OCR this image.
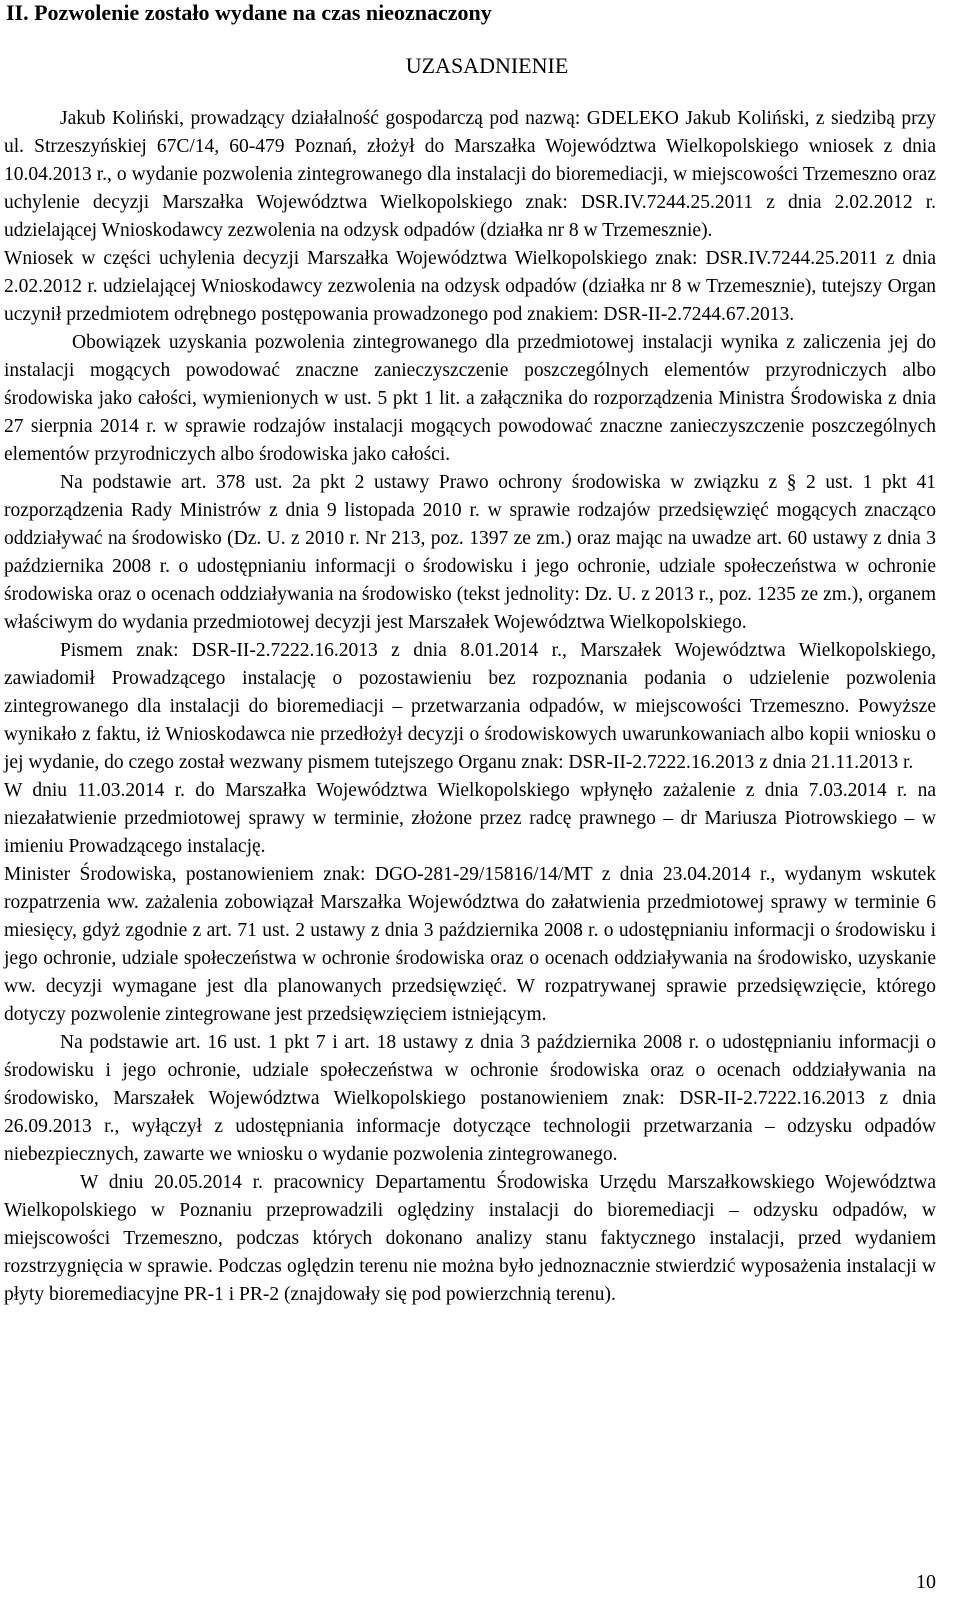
II. Pozwolenie zostało wydane na czas nieoznaczony
UZASADNIENIE

Jakub Koliński, prowadzący działalność gospodarczą pod nazwą: GDELEKO Jakub Koliński, z siedzibą przy ul. Strzeszyńskiej 67C/14, 60-479 Poznań, złożył do Marszałka Województwa Wielkopolskiego wniosek z dnia 10.04.2013 r., o wydanie pozwolenia zintegrowanego dla instalacji do bioremediacji, w miejscowości Trzemeszno oraz uchylenie decyzji Marszałka Województwa Wielkopolskiego znak: DSR.IV.7244.25.2011 z dnia 2.02.2012 r. udzielającej Wnioskodawcy zezwolenia na odzysk odpadów (działka nr 8 w Trzemesznie).

Wniosek w części uchylenia decyzji Marszałka Województwa Wielkopolskiego znak: DSR.IV.7244.25.2011 z dnia 2.02.2012 r. udzielającej Wnioskodawcy zezwolenia na odzysk odpadów (działka nr 8 w Trzemesznie), tutejszy Organ uczynił przedmiotem odrębnego postępowania prowadzonego pod znakiem: DSR-II-2.7244.67.2013.

Obowiązek uzyskania pozwolenia zintegrowanego dla przedmiotowej instalacji wynika z zaliczenia jej do instalacji mogących powodować znaczne zanieczyszczenie poszczególnych elementów przyrodniczych albo środowiska jako całości, wymienionych w ust. 5 pkt 1 lit. a załącznika do rozporządzenia Ministra Środowiska z dnia 27 sierpnia 2014 r. w sprawie rodzajów instalacji mogących powodować znaczne zanieczyszczenie poszczególnych elementów przyrodniczych albo środowiska jako całości.

Na podstawie art. 378 ust. 2a pkt 2 ustawy Prawo ochrony środowiska w związku z § 2 ust. 1 pkt 41 rozporządzenia Rady Ministrów z dnia 9 listopada 2010 r. w sprawie rodzajów przedsięwzięć mogących znacząco oddziaływać na środowisko (Dz. U. z 2010 r. Nr 213, poz. 1397 ze zm.) oraz mając na uwadze art. 60 ustawy z dnia 3 października 2008 r. o udostępnianiu informacji o środowisku i jego ochronie, udziale społeczeństwa w ochronie środowiska oraz o ocenach oddziaływania na środowisko (tekst jednolity: Dz. U. z 2013 r., poz. 1235 ze zm.), organem właściwym do wydania przedmiotowej decyzji jest Marszałek Województwa Wielkopolskiego.

Pismem znak: DSR-II-2.7222.16.2013 z dnia 8.01.2014 r., Marszałek Województwa Wielkopolskiego, zawiadomił Prowadzącego instalację o pozostawieniu bez rozpoznania podania o udzielenie pozwolenia zintegrowanego dla instalacji do bioremediacji – przetwarzania odpadów, w miejscowości Trzemeszno. Powyższe wynikało z faktu, iż Wnioskodawca nie przedłożył decyzji o środowiskowych uwarunkowaniach albo kopii wniosku o jej wydanie, do czego został wezwany pismem tutejszego Organu znak: DSR-II-2.7222.16.2013 z dnia 21.11.2013 r.

W dniu 11.03.2014 r. do Marszałka Województwa Wielkopolskiego wpłynęło zażalenie z dnia 7.03.2014 r. na niezałatwienie przedmiotowej sprawy w terminie, złożone przez radcę prawnego – dr Mariusza Piotrowskiego – w imieniu Prowadzącego instalację.

Minister Środowiska, postanowieniem znak: DGO-281-29/15816/14/MT z dnia 23.04.2014 r., wydanym wskutek rozpatrzenia ww. zażalenia zobowiązał Marszałka Województwa do załatwienia przedmiotowej sprawy w terminie 6 miesięcy, gdyż zgodnie z art. 71 ust. 2 ustawy z dnia 3 października 2008 r. o udostępnianiu informacji o środowisku i jego ochronie, udziale społeczeństwa w ochronie środowiska oraz o ocenach oddziaływania na środowisko, uzyskanie ww. decyzji wymagane jest dla planowanych przedsięwzięć. W rozpatrywanej sprawie przedsięwzięcie, którego dotyczy pozwolenie zintegrowane jest przedsięwzięciem istniejącym.

Na podstawie art. 16 ust. 1 pkt 7 i art. 18 ustawy z dnia 3 października 2008 r. o udostępnianiu informacji o środowisku i jego ochronie, udziale społeczeństwa w ochronie środowiska oraz o ocenach oddziaływania na środowisko, Marszałek Województwa Wielkopolskiego postanowieniem znak: DSR-II-2.7222.16.2013 z dnia 26.09.2013 r., wyłączył z udostępniania informacje dotyczące technologii przetwarzania – odzysku odpadów niebezpiecznych, zawarte we wniosku o wydanie pozwolenia zintegrowanego.

W dniu 20.05.2014 r. pracownicy Departamentu Środowiska Urzędu Marszałkowskiego Województwa Wielkopolskiego w Poznaniu przeprowadzili oględziny instalacji do bioremediacji – odzysku odpadów, w miejscowości Trzemeszno, podczas których dokonano analizy stanu faktycznego instalacji, przed wydaniem rozstrzygnięcia w sprawie. Podczas oględzin terenu nie można było jednoznacznie stwierdzić wyposażenia instalacji w płyty bioremediacyjne PR-1 i PR-2 (znajdowały się pod powierzchnią terenu).

10
